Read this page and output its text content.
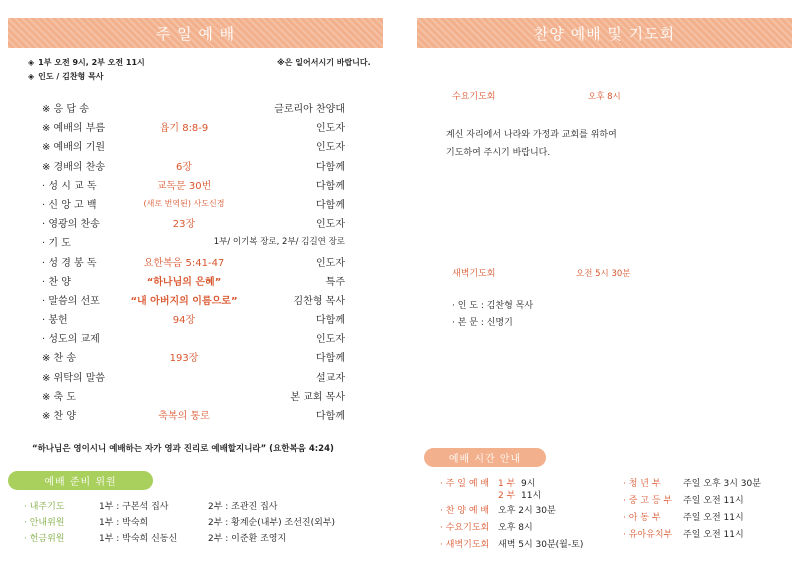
주 일 예 배
◈ 1부 오전 9시, 2부 오전 11시
◈ 인도 / 김찬형 목사
※은 일어서시기 바랍니다.
※ 응 답 송	글로리아 찬양대
※ 예배의 부름	욥기 8:8-9	인도자
※ 예배의 기원	인도자
※ 경배의 찬송	6장	다함께
· 성 시 교 독	교독문 30번	다함께
· 신 앙 고 백	(새로 번역된) 사도신경	다함께
· 영광의 찬송	23장	인도자
· 기 도	1부/ 이기복 장로, 2부/ 김길연 장로
· 성 경 봉 독	요한복음 5:41-47	인도자
· 찬 양	“하나님의 은혜”	특주
· 말씀의 선포	“내 아버지의 이름으로”	김찬형 목사
· 봉헌	94장	다함께
· 성도의 교제	인도자
※ 찬 송	193장	다함께
※ 위탁의 말씀	설교자
※ 축 도	본 교회 목사
※ 찬 양	축복의 통로	다함께
“하나님은 영이시니 예배하는 자가 영과 진리로 예배할지니라” (요한복음 4:24)
예배 준비 위원
· 내주기도	1부 : 구본석 집사	2부 : 조관진 집사
· 안내위원	1부 : 박숙희	2부 : 황계순(내부) 조선진(외부)
· 헌금위원	1부 : 박숙희 신동신	2부 : 이준환 조영지
찬양 예배 및 기도회
수요기도회	오후 8시
계신 자리에서 나라와 가정과 교회를 위하여
기도하여 주시기 바랍니다.
새벽기도회	오전 5시 30분
· 인 도 : 김찬형 목사
· 본 문 : 신명기
예배 시간 안내
· 주 일 예 배 1 부 9시
2 부 11시
· 찬 양 예 배 오후 2시 30분
· 수요기도회 오후 8시
· 새벽기도회 새벽 5시 30분(월-토)
· 청 년 부 주일 오후 3시 30분
· 중 고 등 부 주일 오전 11시
· 아 동 부 주일 오전 11시
· 유아유치부 주일 오전 11시
